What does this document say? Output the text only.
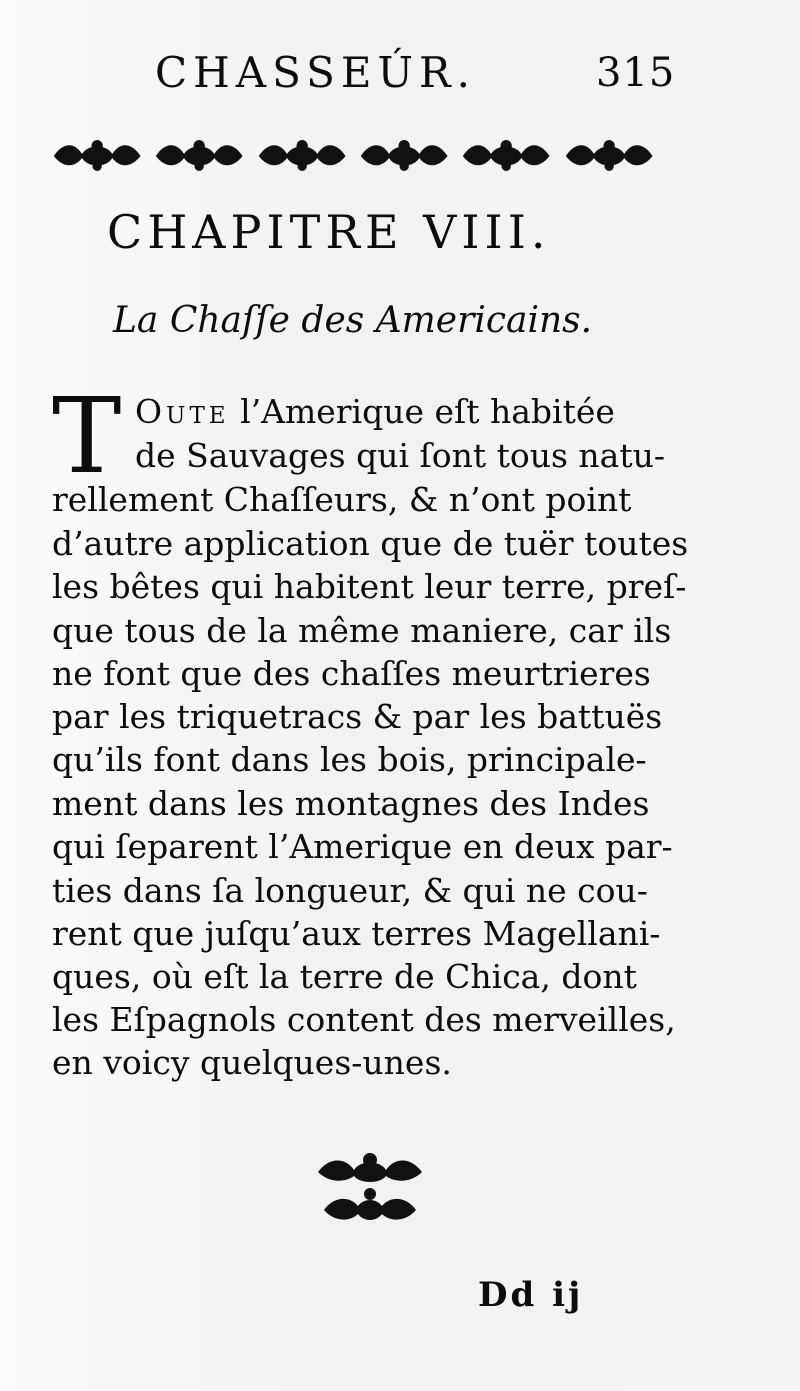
CHASSEÚR.	315
CHAPITRE VIII.
La Chaſſe des Americains.
T Oute l’Amerique eſt habitée
de Sauvages qui ſont tous natu-
rellement Chaſſeurs, & n’ont point
d’autre application que de tuër toutes
les bêtes qui habitent leur terre, preſ-
que tous de la même maniere, car ils
ne font que des chaſſes meurtrieres
par les triquetracs & par les battuës
qu’ils font dans les bois, principale-
ment dans les montagnes des Indes
qui ſeparent l’Amerique en deux par-
ties dans ſa longueur, & qui ne cou-
rent que juſqu’aux terres Magellani-
ques, où eſt la terre de Chica, dont
les Eſpagnols content des merveilles,
en voicy quelques-unes.
Dd ij
